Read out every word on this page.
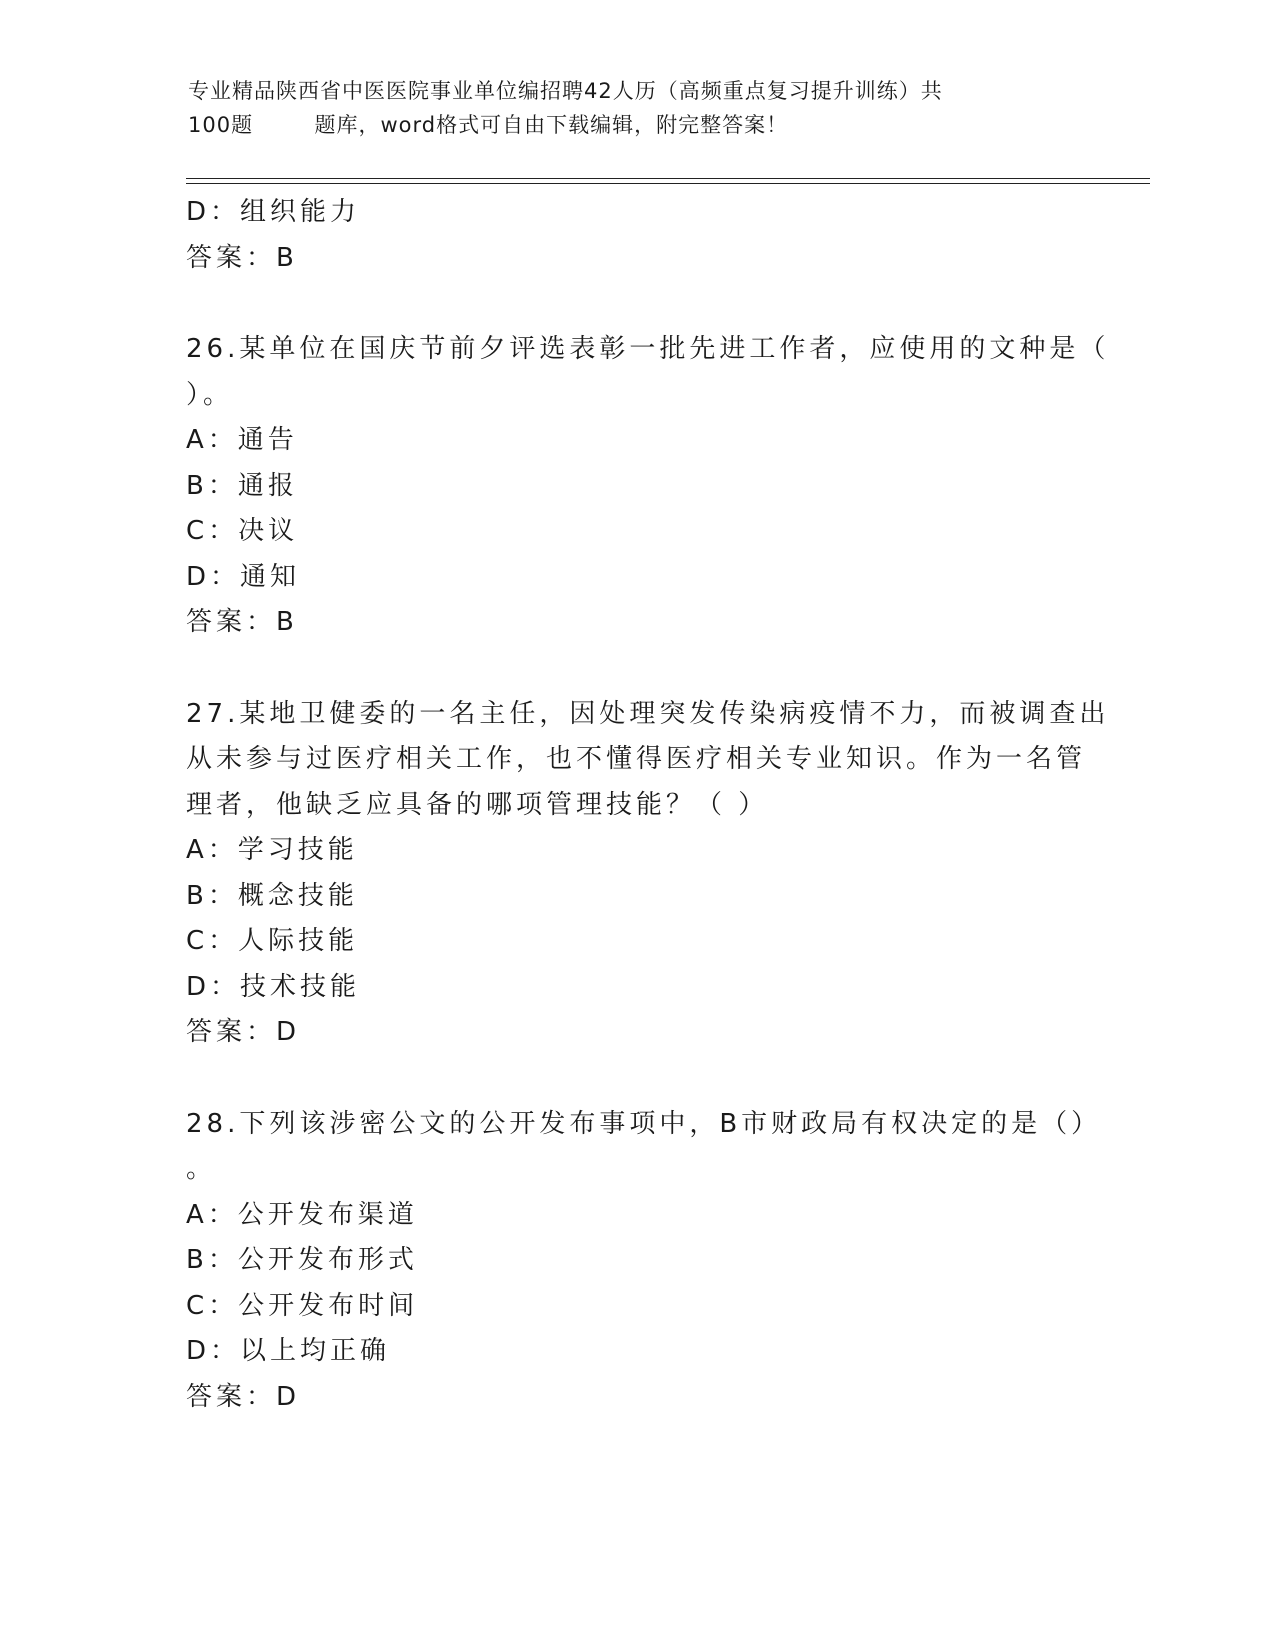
专业精品陕西省中医医院事业单位编招聘42人历（高频重点复习提升训练）共
100题        题库，word格式可自由下载编辑，附完整答案！
D：组织能力
答案：B
26.某单位在国庆节前夕评选表彰一批先进工作者，应使用的文种是（
）。
A：通告
B：通报
C：决议
D：通知
答案：B
27.某地卫健委的一名主任，因处理突发传染病疫情不力，而被调查出
从未参与过医疗相关工作，也不懂得医疗相关专业知识。作为一名管
理者，他缺乏应具备的哪项管理技能？（ ）
A：学习技能
B：概念技能
C：人际技能
D：技术技能
答案：D
28.下列该涉密公文的公开发布事项中，B市财政局有权决定的是（）
。
A：公开发布渠道
B：公开发布形式
C：公开发布时间
D：以上均正确
答案：D
